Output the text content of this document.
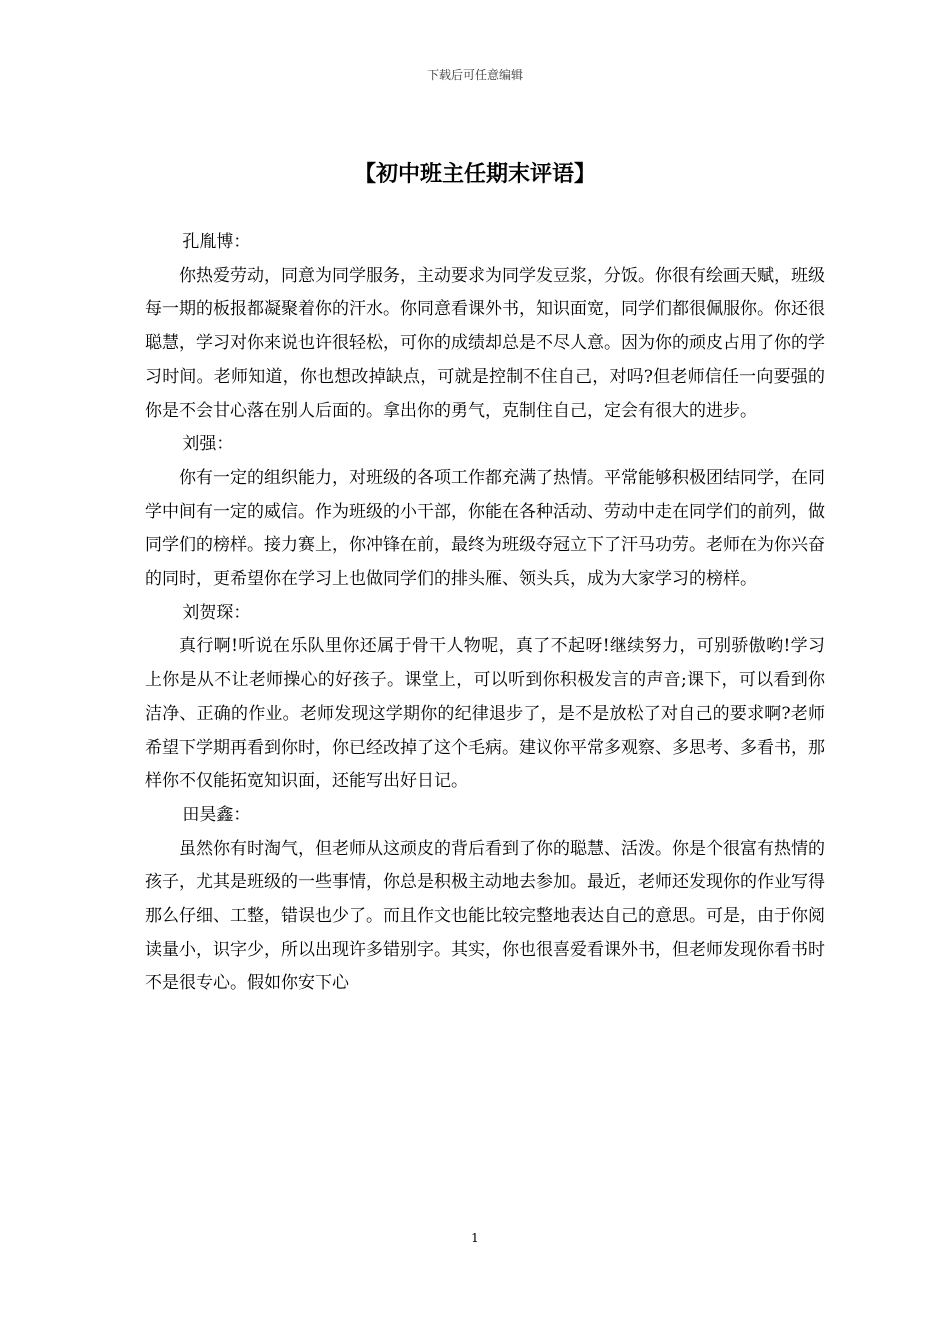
下载后可任意编辑
【初中班主任期末评语】

孔胤博：

你热爱劳动，同意为同学服务，主动要求为同学发豆浆，分饭。你很有绘画天赋，班级每一期的板报都凝聚着你的汗水。你同意看课外书，知识面宽，同学们都很佩服你。你还很聪慧，学习对你来说也许很轻松，可你的成绩却总是不尽人意。因为你的顽皮占用了你的学习时间。老师知道，你也想改掉缺点，可就是控制不住自己，对吗?但老师信任一向要强的你是不会甘心落在别人后面的。拿出你的勇气，克制住自己，定会有很大的进步。

刘强：

你有一定的组织能力，对班级的各项工作都充满了热情。平常能够积极团结同学，在同学中间有一定的威信。作为班级的小干部，你能在各种活动、劳动中走在同学们的前列，做同学们的榜样。接力赛上，你冲锋在前，最终为班级夺冠立下了汗马功劳。老师在为你兴奋的同时，更希望你在学习上也做同学们的排头雁、领头兵，成为大家学习的榜样。

刘贺琛：

真行啊!听说在乐队里你还属于骨干人物呢，真了不起呀!继续努力，可别骄傲哟!学习上你是从不让老师操心的好孩子。课堂上，可以听到你积极发言的声音;课下，可以看到你洁净、正确的作业。老师发现这学期你的纪律退步了，是不是放松了对自己的要求啊?老师希望下学期再看到你时，你已经改掉了这个毛病。建议你平常多观察、多思考、多看书，那样你不仅能拓宽知识面，还能写出好日记。

田昊鑫：

虽然你有时淘气，但老师从这顽皮的背后看到了你的聪慧、活泼。你是个很富有热情的孩子，尤其是班级的一些事情，你总是积极主动地去参加。最近，老师还发现你的作业写得那么仔细、工整，错误也少了。而且作文也能比较完整地表达自己的意思。可是，由于你阅读量小，识字少，所以出现许多错别字。其实，你也很喜爱看课外书，但老师发现你看书时不是很专心。假如你安下心

1
